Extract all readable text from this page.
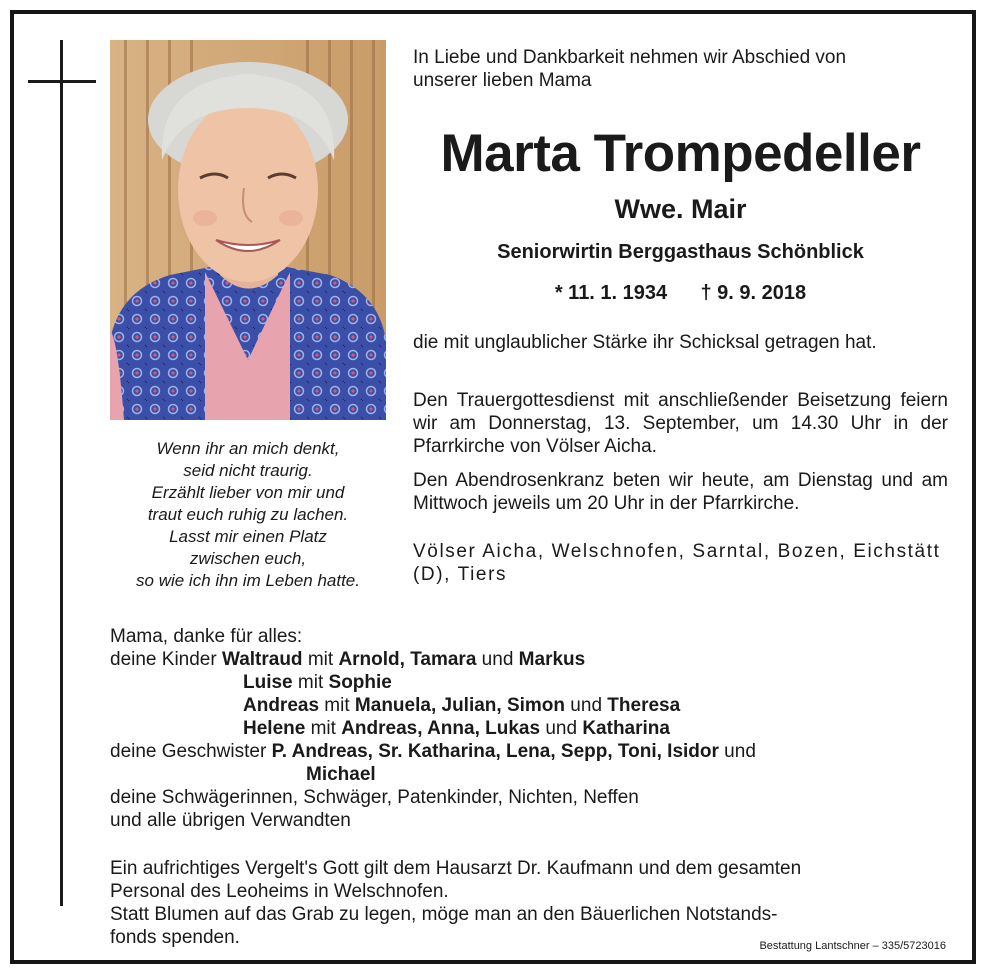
Wenn ihr an mich denkt,
seid nicht traurig.
Erzählt lieber von mir und
traut euch ruhig zu lachen.
Lasst mir einen Platz
zwischen euch,
so wie ich ihn im Leben hatte.
In Liebe und Dankbarkeit nehmen wir Abschied von
unserer lieben Mama
Marta Trompedeller
Wwe. Mair
Seniorwirtin Berggasthaus Schönblick
* 11. 1. 1934 † 9. 9. 2018
die mit unglaublicher Stärke ihr Schicksal getragen hat.
Den Trauergottesdienst mit anschließender Beisetzung feiern wir am Donnerstag, 13. September, um 14.30 Uhr in der Pfarrkirche von Völser Aicha.
Den Abendrosenkranz beten wir heute, am Dienstag und am Mittwoch jeweils um 20 Uhr in der Pfarrkirche.
Völser Aicha, Welschnofen, Sarntal, Bozen, Eichstätt (D), Tiers
Mama, danke für alles:
deine Kinder Waltraud mit Arnold, Tamara und Markus
Luise mit Sophie
Andreas mit Manuela, Julian, Simon und Theresa
Helene mit Andreas, Anna, Lukas und Katharina
deine Geschwister P. Andreas, Sr. Katharina, Lena, Sepp, Toni, Isidor und
Michael
deine Schwägerinnen, Schwäger, Patenkinder, Nichten, Neffen
und alle übrigen Verwandten
Ein aufrichtiges Vergelt's Gott gilt dem Hausarzt Dr. Kaufmann und dem gesamten
Personal des Leoheims in Welschnofen.
Statt Blumen auf das Grab zu legen, möge man an den Bäuerlichen Notstands-
fonds spenden.	Bestattung Lantschner – 335/5723016
